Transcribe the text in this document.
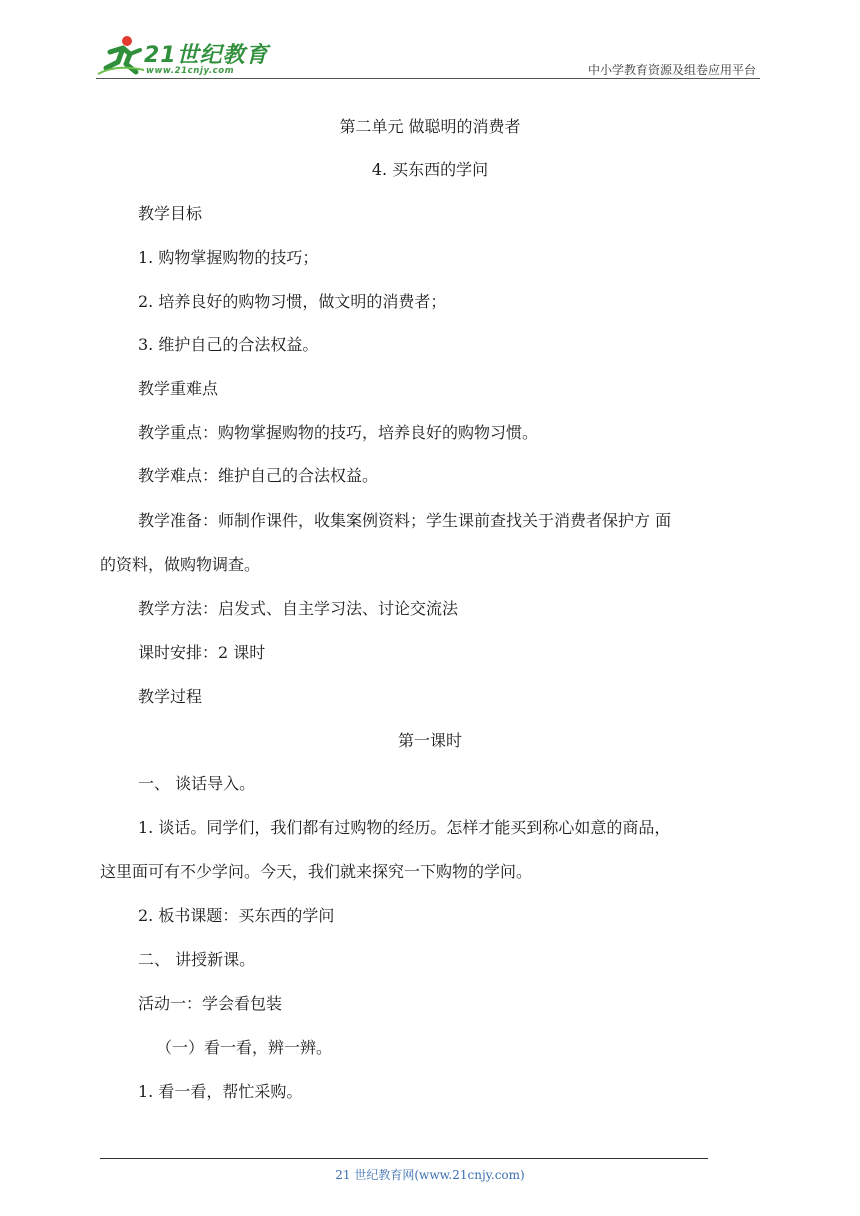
21世纪教育
www.21cnjy.com	中小学教育资源及组卷应用平台
第二单元 做聪明的消费者
4. 买东西的学问
教学目标
1. 购物掌握购物的技巧；
2. 培养良好的购物习惯，做文明的消费者；
3. 维护自己的合法权益。
教学重难点
教学重点：购物掌握购物的技巧，培养良好的购物习惯。
教学难点：维护自己的合法权益。
教学准备：师制作课件，收集案例资料；学生课前查找关于消费者保护方 面
的资料，做购物调查。
教学方法：启发式、自主学习法、讨论交流法
课时安排：2 课时
教学过程
第一课时
一、 谈话导入。
1. 谈话。同学们，我们都有过购物的经历。怎样才能买到称心如意的商品，
这里面可有不少学问。今天，我们就来探究一下购物的学问。
2. 板书课题：买东西的学问
二、 讲授新课。
活动一：学会看包装
（一）看一看，辨一辨。
1. 看一看，帮忙采购。
21 世纪教育网(www.21cnjy.com)
